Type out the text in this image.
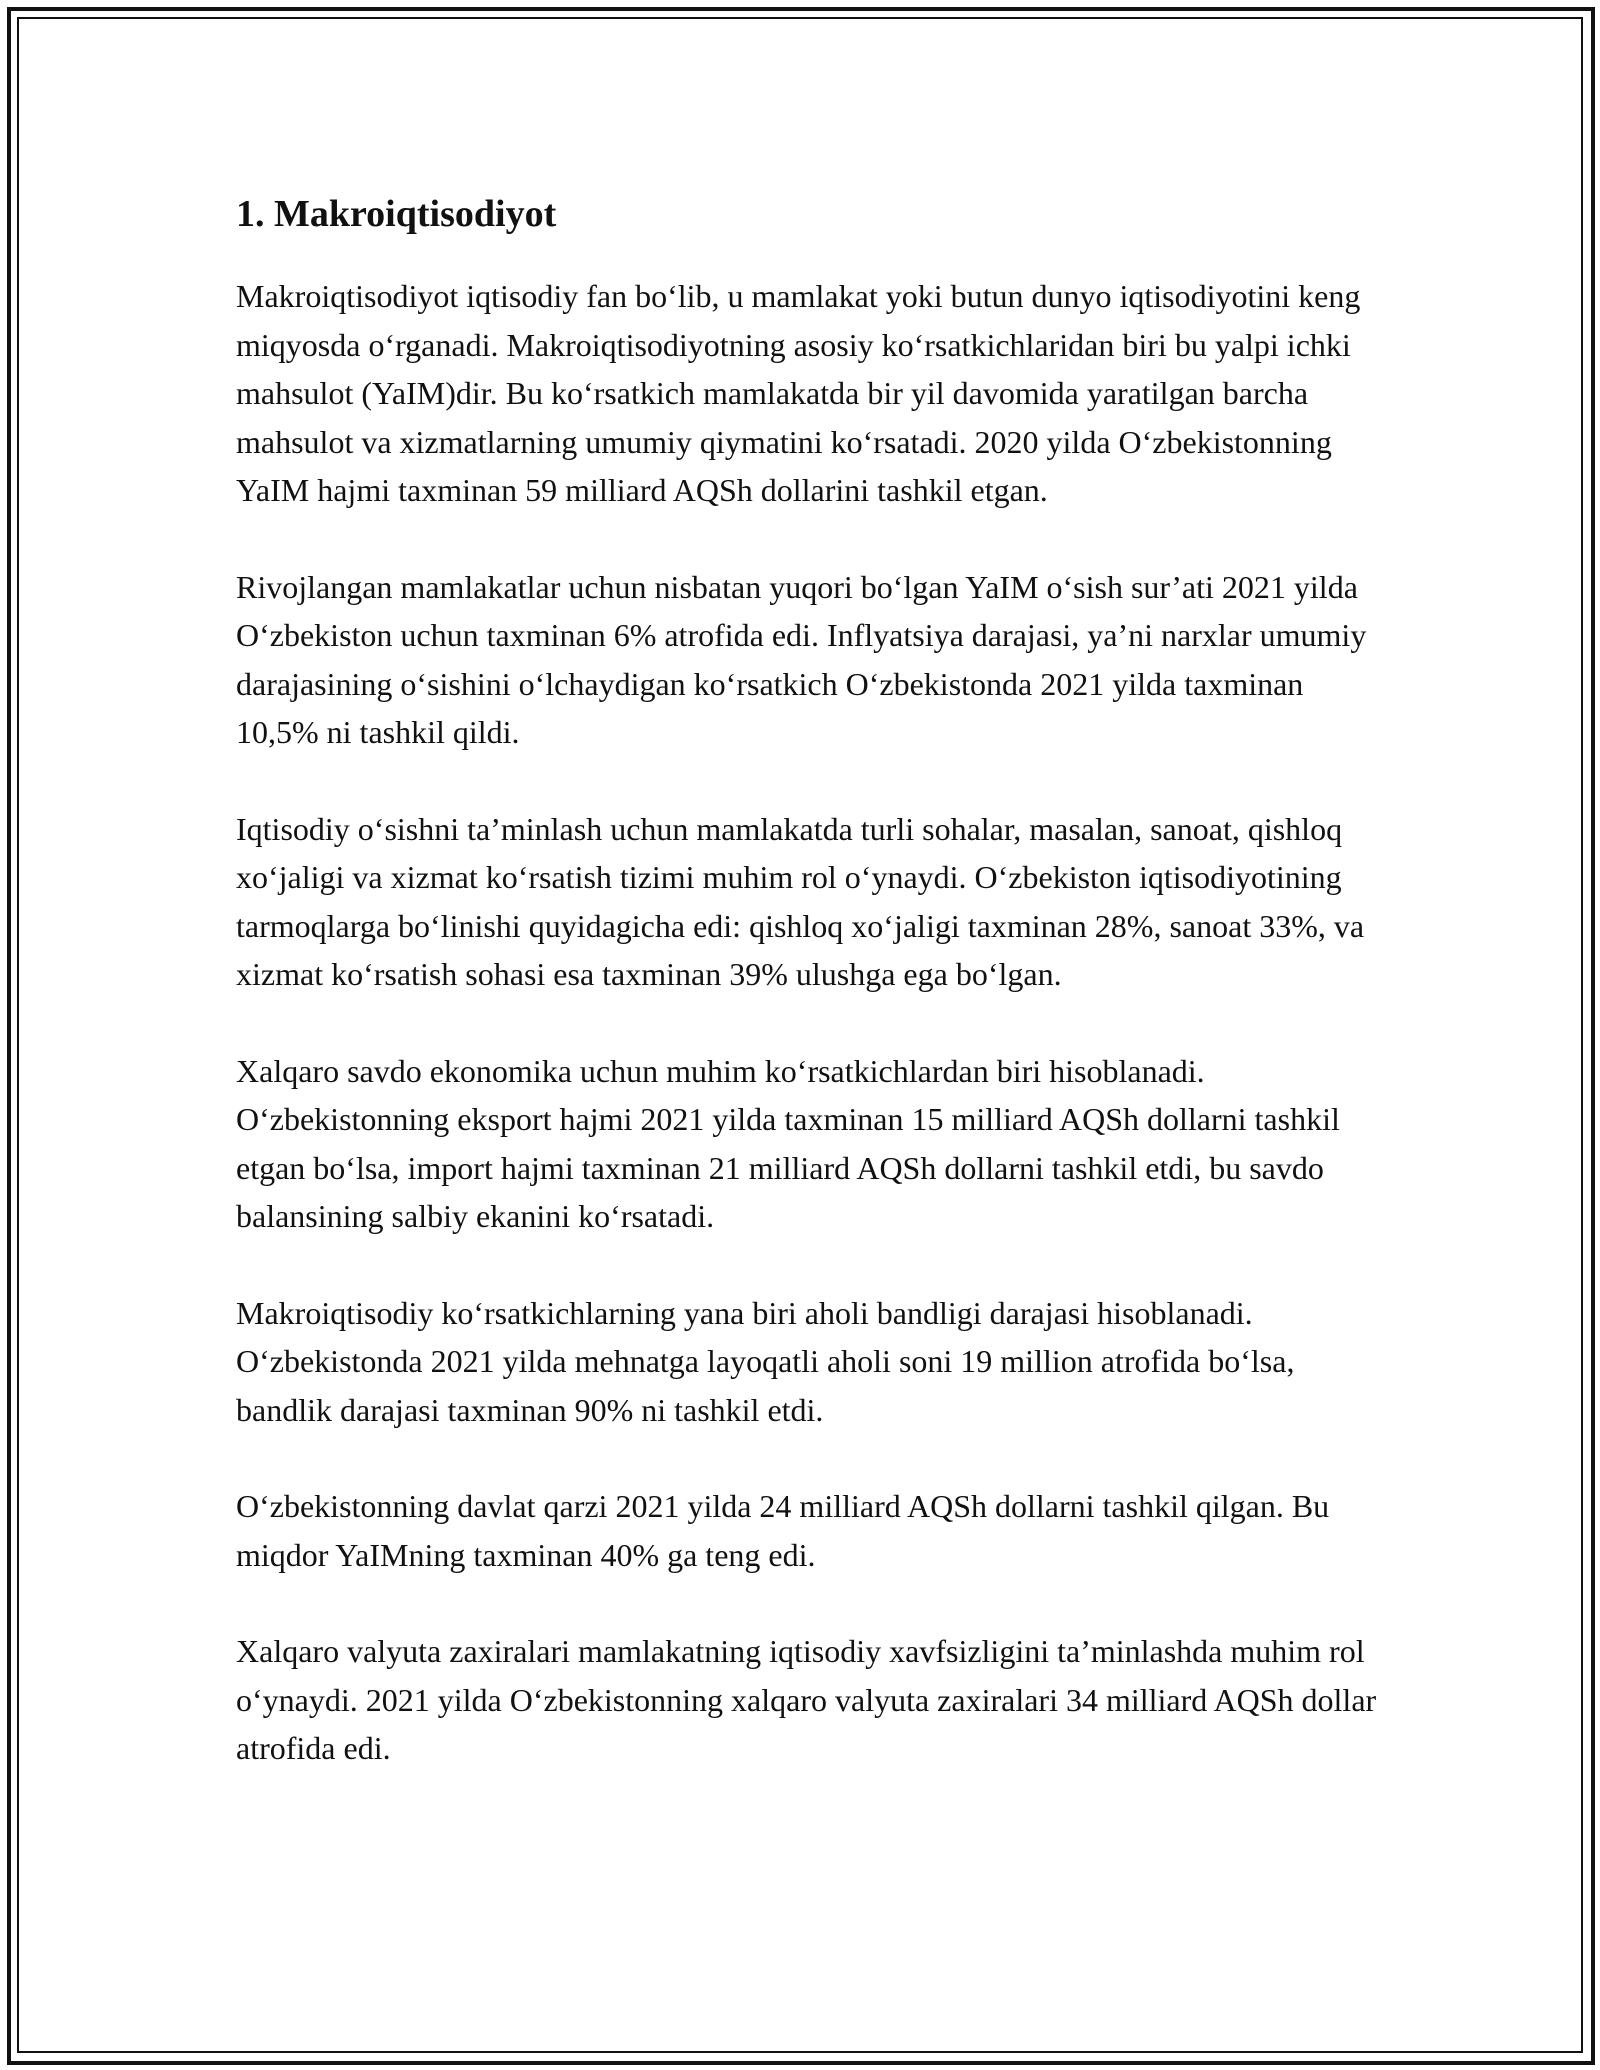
1. Makroiqtisodiyot

Makroiqtisodiyot iqtisodiy fan bo‘lib, u mamlakat yoki butun dunyo iqtisodiyotini keng miqyosda o‘rganadi. Makroiqtisodiyotning asosiy ko‘rsatkichlaridan biri bu yalpi ichki mahsulot (YaIM)dir. Bu ko‘rsatkich mamlakatda bir yil davomida yaratilgan barcha mahsulot va xizmatlarning umumiy qiymatini ko‘rsatadi. 2020 yilda O‘zbekistonning YaIM hajmi taxminan 59 milliard AQSh dollarini tashkil etgan.

Rivojlangan mamlakatlar uchun nisbatan yuqori bo‘lgan YaIM o‘sish sur’ati 2021 yilda O‘zbekiston uchun taxminan 6% atrofida edi. Inflyatsiya darajasi, ya’ni narxlar umumiy darajasining o‘sishini o‘lchaydigan ko‘rsatkich O‘zbekistonda 2021 yilda taxminan 10,5% ni tashkil qildi.

Iqtisodiy o‘sishni ta’minlash uchun mamlakatda turli sohalar, masalan, sanoat, qishloq xo‘jaligi va xizmat ko‘rsatish tizimi muhim rol o‘ynaydi. O‘zbekiston iqtisodiyotining tarmoqlarga bo‘linishi quyidagicha edi: qishloq xo‘jaligi taxminan 28%, sanoat 33%, va xizmat ko‘rsatish sohasi esa taxminan 39% ulushga ega bo‘lgan.

Xalqaro savdo ekonomika uchun muhim ko‘rsatkichlardan biri hisoblanadi. O‘zbekistonning eksport hajmi 2021 yilda taxminan 15 milliard AQSh dollarni tashkil etgan bo‘lsa, import hajmi taxminan 21 milliard AQSh dollarni tashkil etdi, bu savdo balansining salbiy ekanini ko‘rsatadi.

Makroiqtisodiy ko‘rsatkichlarning yana biri aholi bandligi darajasi hisoblanadi. O‘zbekistonda 2021 yilda mehnatga layoqatli aholi soni 19 million atrofida bo‘lsa, bandlik darajasi taxminan 90% ni tashkil etdi.

O‘zbekistonning davlat qarzi 2021 yilda 24 milliard AQSh dollarni tashkil qilgan. Bu miqdor YaIMning taxminan 40% ga teng edi.

Xalqaro valyuta zaxiralari mamlakatning iqtisodiy xavfsizligini ta’minlashda muhim rol o‘ynaydi. 2021 yilda O‘zbekistonning xalqaro valyuta zaxiralari 34 milliard AQSh dollar atrofida edi.
